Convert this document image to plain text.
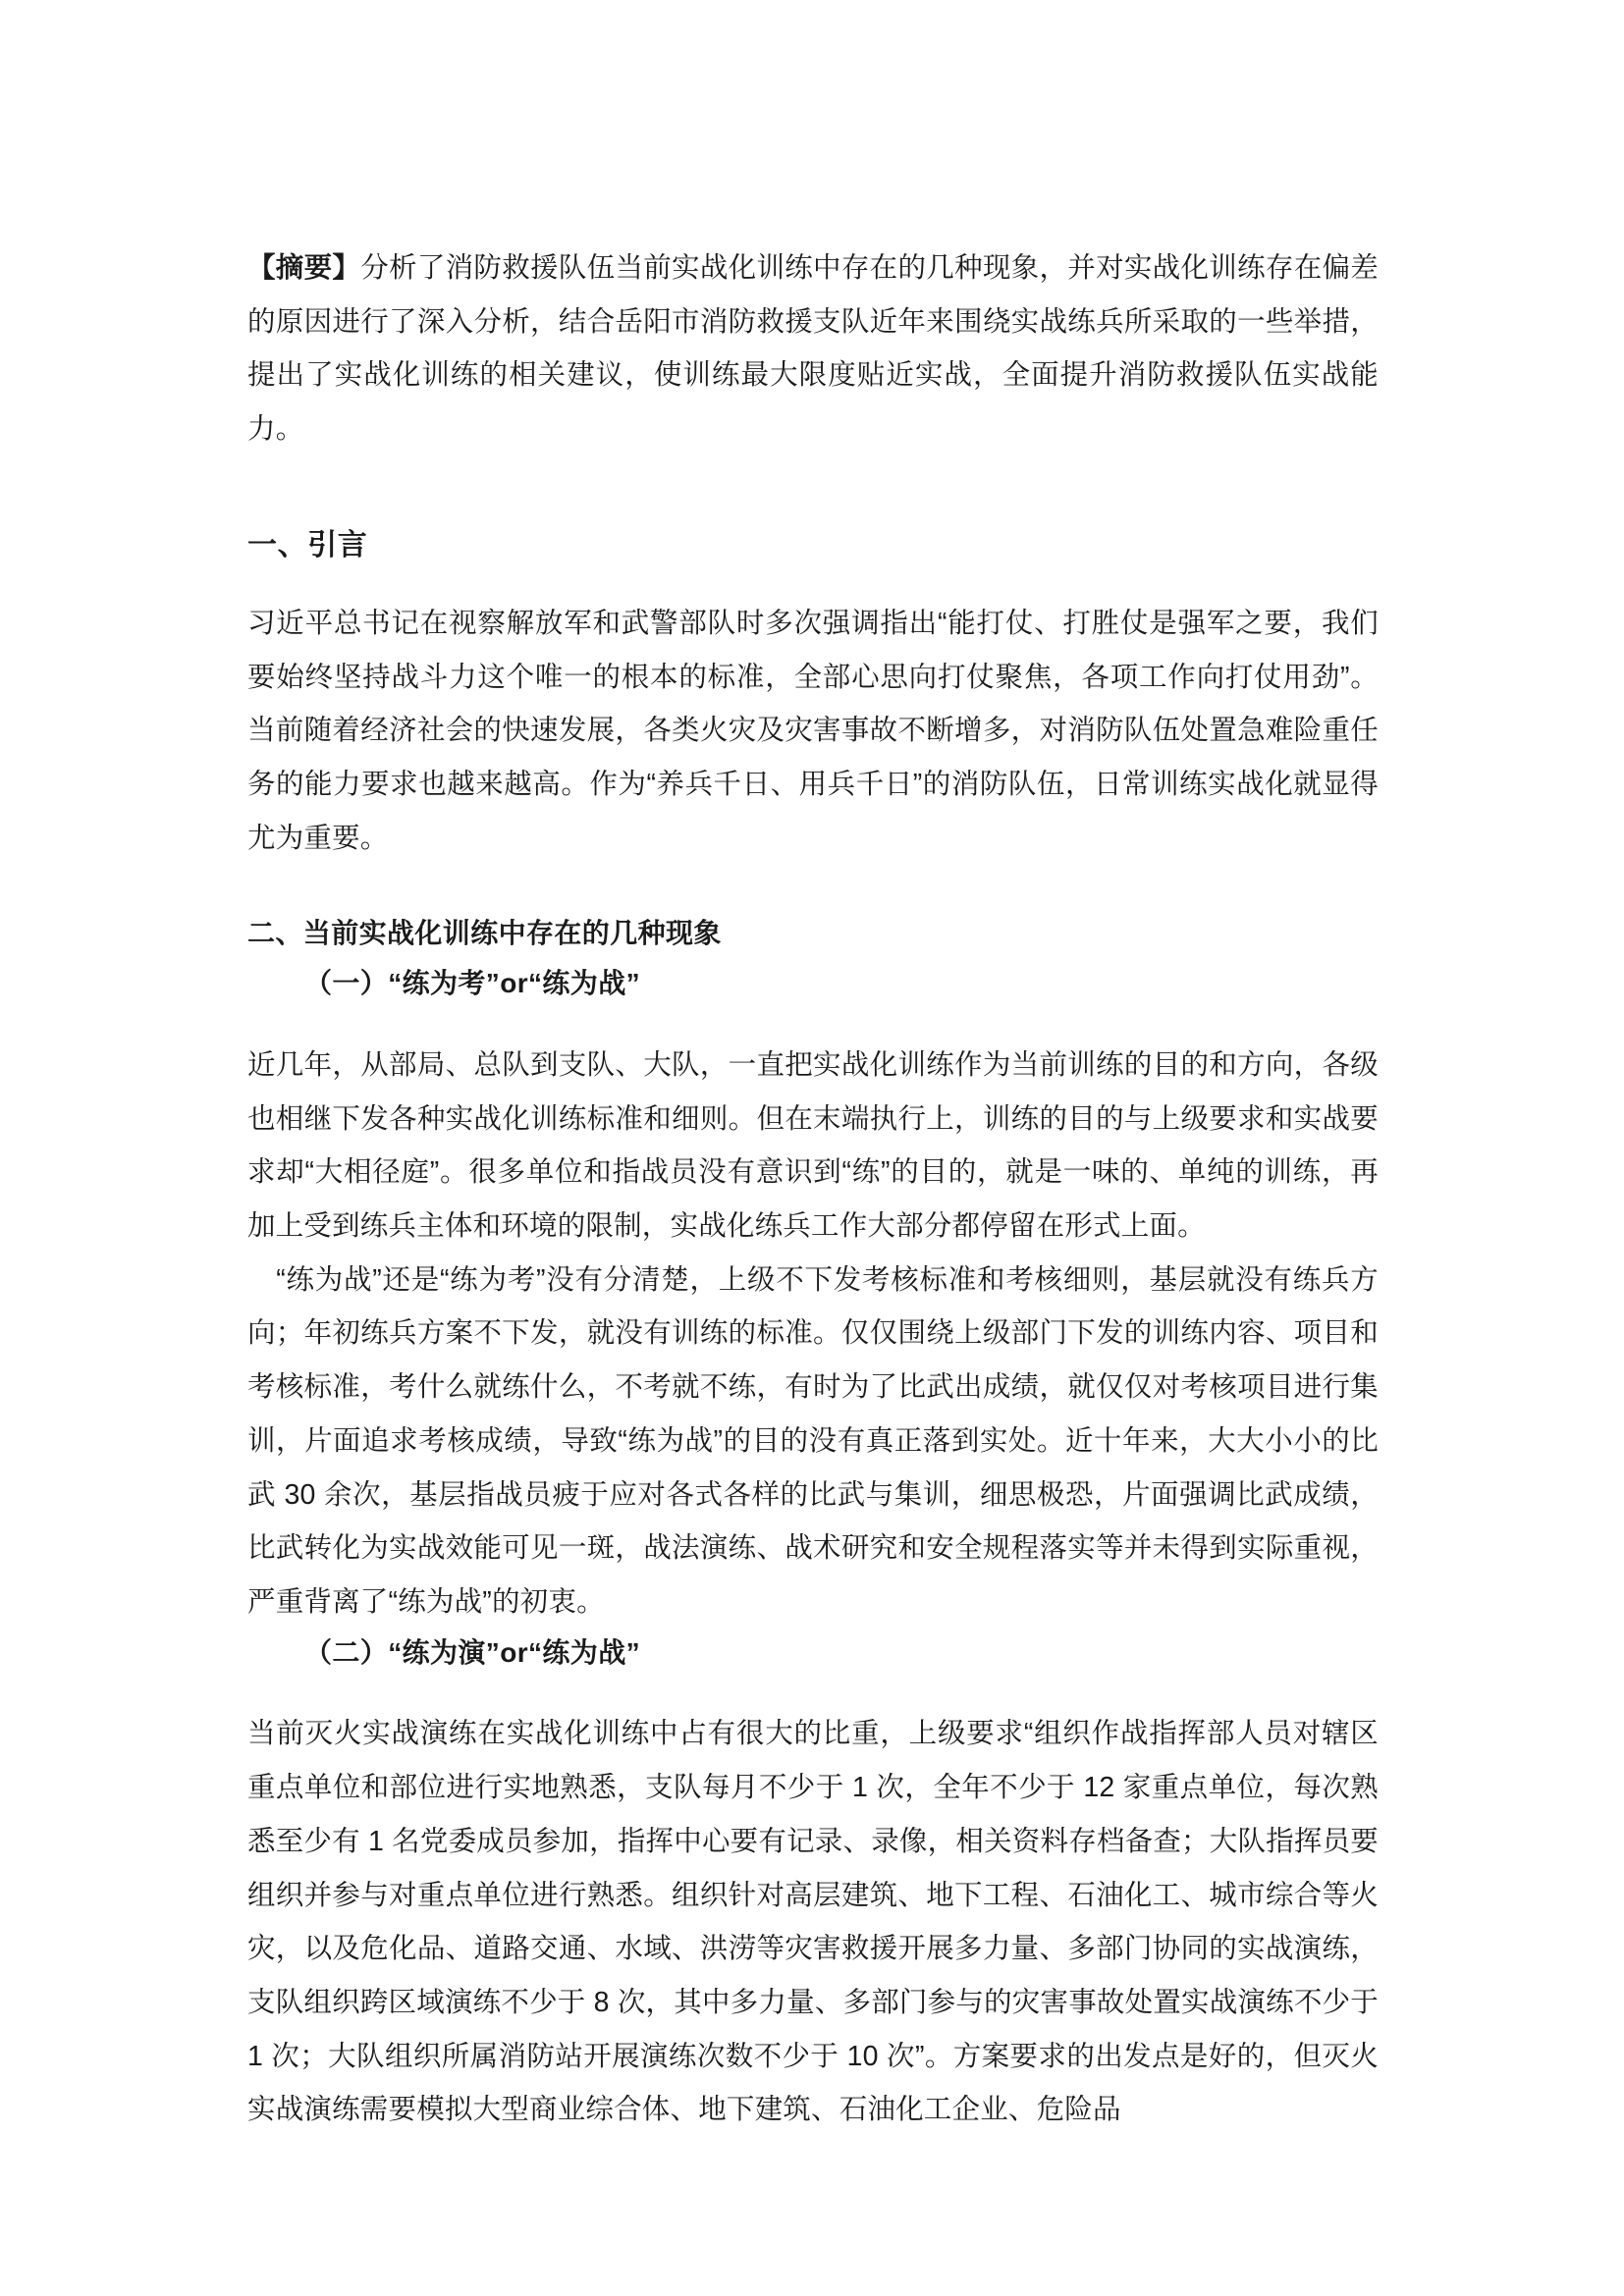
【摘要】分析了消防救援队伍当前实战化训练中存在的几种现象，并对实战化训练存在偏差的原因进行了深入分析，结合岳阳市消防救援支队近年来围绕实战练兵所采取的一些举措，提出了实战化训练的相关建议，使训练最大限度贴近实战，全面提升消防救援队伍实战能力。

一、引言

习近平总书记在视察解放军和武警部队时多次强调指出“能打仗、打胜仗是强军之要，我们要始终坚持战斗力这个唯一的根本的标准，全部心思向打仗聚焦，各项工作向打仗用劲”。当前随着经济社会的快速发展，各类火灾及灾害事故不断增多，对消防队伍处置急难险重任务的能力要求也越来越高。作为“养兵千日、用兵千日”的消防队伍，日常训练实战化就显得尤为重要。

二、当前实战化训练中存在的几种现象
（一）“练为考”or“练为战”

近几年，从部局、总队到支队、大队，一直把实战化训练作为当前训练的目的和方向，各级也相继下发各种实战化训练标准和细则。但在末端执行上，训练的目的与上级要求和实战要求却“大相径庭”。很多单位和指战员没有意识到“练”的目的，就是一味的、单纯的训练，再加上受到练兵主体和环境的限制，实战化练兵工作大部分都停留在形式上面。

　“练为战”还是“练为考”没有分清楚，上级不下发考核标准和考核细则，基层就没有练兵方向；年初练兵方案不下发，就没有训练的标准。仅仅围绕上级部门下发的训练内容、项目和考核标准，考什么就练什么，不考就不练，有时为了比武出成绩，就仅仅对考核项目进行集训，片面追求考核成绩，导致“练为战”的目的没有真正落到实处。近十年来，大大小小的比武 30 余次，基层指战员疲于应对各式各样的比武与集训，细思极恐，片面强调比武成绩，比武转化为实战效能可见一斑，战法演练、战术研究和安全规程落实等并未得到实际重视，严重背离了“练为战”的初衷。

（二）“练为演”or“练为战”

当前灭火实战演练在实战化训练中占有很大的比重，上级要求“组织作战指挥部人员对辖区重点单位和部位进行实地熟悉，支队每月不少于 1 次，全年不少于 12 家重点单位，每次熟悉至少有 1 名党委成员参加，指挥中心要有记录、录像，相关资料存档备查；大队指挥员要组织并参与对重点单位进行熟悉。组织针对高层建筑、地下工程、石油化工、城市综合等火灾，以及危化品、道路交通、水域、洪涝等灾害救援开展多力量、多部门协同的实战演练，支队组织跨区域演练不少于 8 次，其中多力量、多部门参与的灾害事故处置实战演练不少于 1 次；大队组织所属消防站开展演练次数不少于 10 次”。方案要求的出发点是好的，但灭火实战演练需要模拟大型商业综合体、地下建筑、石油化工企业、危险品
